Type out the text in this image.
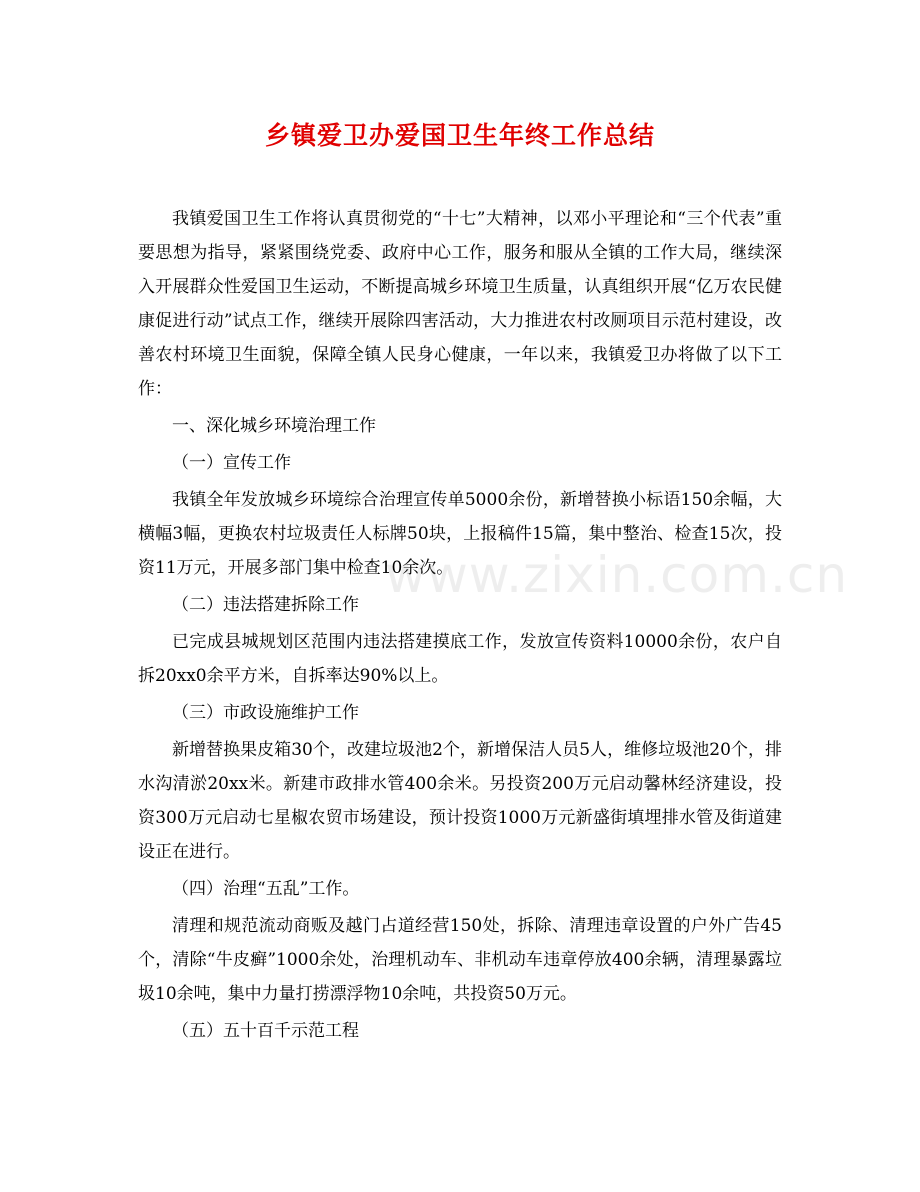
乡镇爱卫办爱国卫生年终工作总结

我镇爱国卫生工作将认真贯彻党的“十七”大精神，以邓小平理论和“三个代表”重要思想为指导，紧紧围绕党委、政府中心工作，服务和服从全镇的工作大局，继续深入开展群众性爱国卫生运动，不断提高城乡环境卫生质量，认真组织开展“亿万农民健康促进行动”试点工作，继续开展除四害活动，大力推进农村改厕项目示范村建设，改善农村环境卫生面貌，保障全镇人民身心健康，一年以来，我镇爱卫办将做了以下工作：

一、深化城乡环境治理工作

（一）宣传工作

我镇全年发放城乡环境综合治理宣传单5000余份，新增替换小标语150余幅，大横幅3幅，更换农村垃圾责任人标牌50块，上报稿件15篇，集中整治、检查15次，投资11万元，开展多部门集中检查10余次。

（二）违法搭建拆除工作

已完成县城规划区范围内违法搭建摸底工作，发放宣传资料10000余份，农户自拆20xx0余平方米，自拆率达90%以上。

（三）市政设施维护工作

新增替换果皮箱30个，改建垃圾池2个，新增保洁人员5人，维修垃圾池20个，排水沟清淤20xx米。新建市政排水管400余米。另投资200万元启动馨林经济建设，投资300万元启动七星椒农贸市场建设，预计投资1000万元新盛街填埋排水管及街道建设正在进行。

（四）治理“五乱”工作。

清理和规范流动商贩及越门占道经营150处，拆除、清理违章设置的户外广告45个，清除“牛皮癣”1000余处，治理机动车、非机动车违章停放400余辆，清理暴露垃圾10余吨，集中力量打捞漂浮物10余吨，共投资50万元。

（五）五十百千示范工程

www.zixin.com.cn
